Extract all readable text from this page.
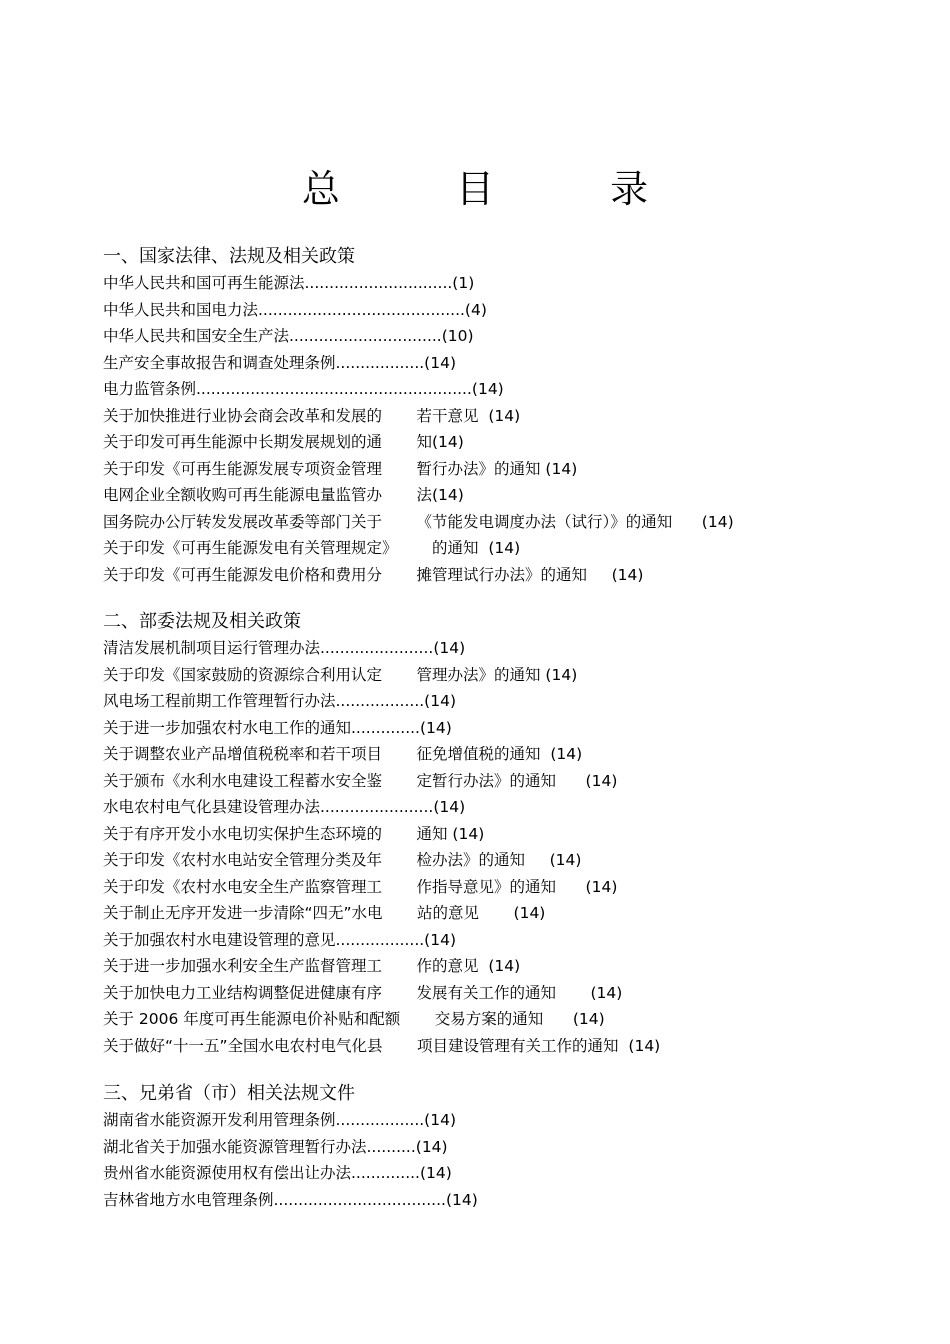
总 目 录
一、国家法律、法规及相关政策
中华人民共和国可再生能源法..............................(1)
中华人民共和国电力法..........................................(4)
中华人民共和国安全生产法...............................(10)
生产安全事故报告和调查处理条例..................(14)
电力监管条例........................................................(14)
关于加快推进行业协会商会改革和发展的       若干意见  (14)
关于印发可再生能源中长期发展规划的通       知(14)
关于印发《可再生能源发展专项资金管理       暂行办法》的通知 (14)
电网企业全额收购可再生能源电量监管办       法(14)
国务院办公厅转发发展改革委等部门关于       《节能发电调度办法（试行）》的通知      (14)
关于印发《可再生能源发电有关管理规定》       的通知  (14)
关于印发《可再生能源发电价格和费用分       摊管理试行办法》的通知     (14)
二、部委法规及相关政策
清洁发展机制项目运行管理办法.......................(14)
关于印发《国家鼓励的资源综合利用认定       管理办法》的通知 (14)
风电场工程前期工作管理暂行办法..................(14)
关于进一步加强农村水电工作的通知..............(14)
关于调整农业产品增值税税率和若干项目       征免增值税的通知  (14)
关于颁布《水利水电建设工程蓄水安全鉴       定暂行办法》的通知      (14)
水电农村电气化县建设管理办法.......................(14)
关于有序开发小水电切实保护生态环境的       通知 (14)
关于印发《农村水电站安全管理分类及年       检办法》的通知     (14)
关于印发《农村水电安全生产监察管理工       作指导意见》的通知      (14)
关于制止无序开发进一步清除“四无”水电       站的意见       (14)
关于加强农村水电建设管理的意见..................(14)
关于进一步加强水利安全生产监督管理工       作的意见  (14)
关于加快电力工业结构调整促进健康有序       发展有关工作的通知       (14)
关于 2006 年度可再生能源电价补贴和配额       交易方案的通知      (14)
关于做好“十一五”全国水电农村电气化县       项目建设管理有关工作的通知  (14)
三、兄弟省（市）相关法规文件
湖南省水能资源开发利用管理条例..................(14)
湖北省关于加强水能资源管理暂行办法..........(14)
贵州省水能资源使用权有偿出让办法..............(14)
吉林省地方水电管理条例...................................(14)
